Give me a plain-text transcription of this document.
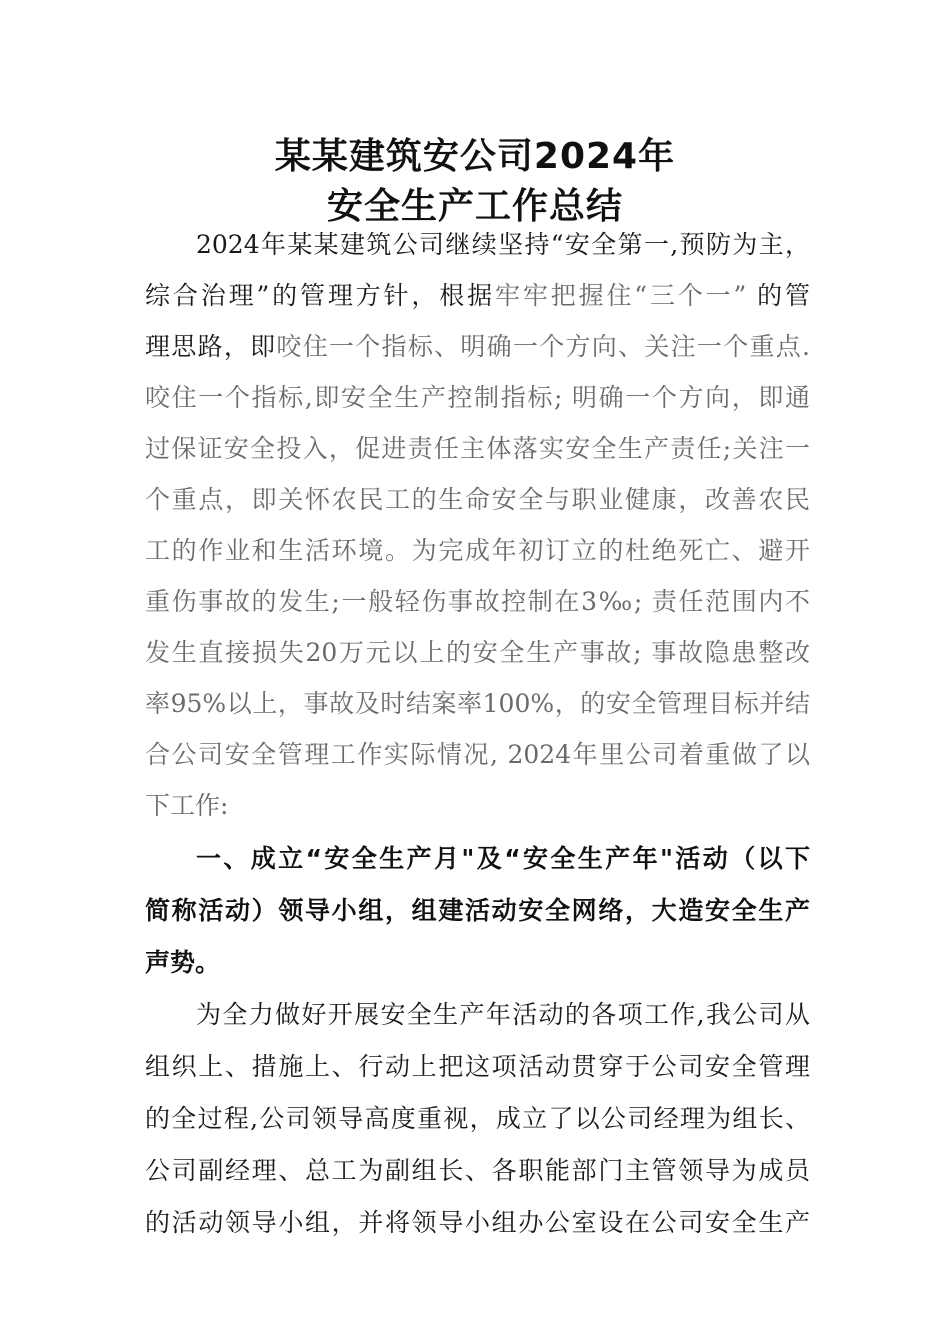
某某建筑安公司2024年
安全生产工作总结

2024年某某建筑公司继续坚持“安全第一,预防为主，

综合治理”的管理方针，根据牢牢把握住“三个一” 的管

理思路，即咬住一个指标、明确一个方向、关注一个重点.

咬住一个指标,即安全生产控制指标; 明确一个方向，即通

过保证安全投入，促进责任主体落实安全生产责任;关注一

个重点，即关怀农民工的生命安全与职业健康，改善农民

工的作业和生活环境。为完成年初订立的杜绝死亡、避开

重伤事故的发生;一般轻伤事故控制在3‰; 责任范围内不

发生直接损失20万元以上的安全生产事故; 事故隐患整改

率95%以上，事故及时结案率100%，的安全管理目标并结

合公司安全管理工作实际情况, 2024年里公司着重做了以

下工作:

一、成立“安全生产月"及“安全生产年"活动（以下

简称活动）领导小组，组建活动安全网络，大造安全生产

声势。

为全力做好开展安全生产年活动的各项工作,我公司从

组织上、措施上、行动上把这项活动贯穿于公司安全管理

的全过程,公司领导高度重视，成立了以公司经理为组长、

公司副经理、总工为副组长、各职能部门主管领导为成员

的活动领导小组，并将领导小组办公室设在公司安全生产
